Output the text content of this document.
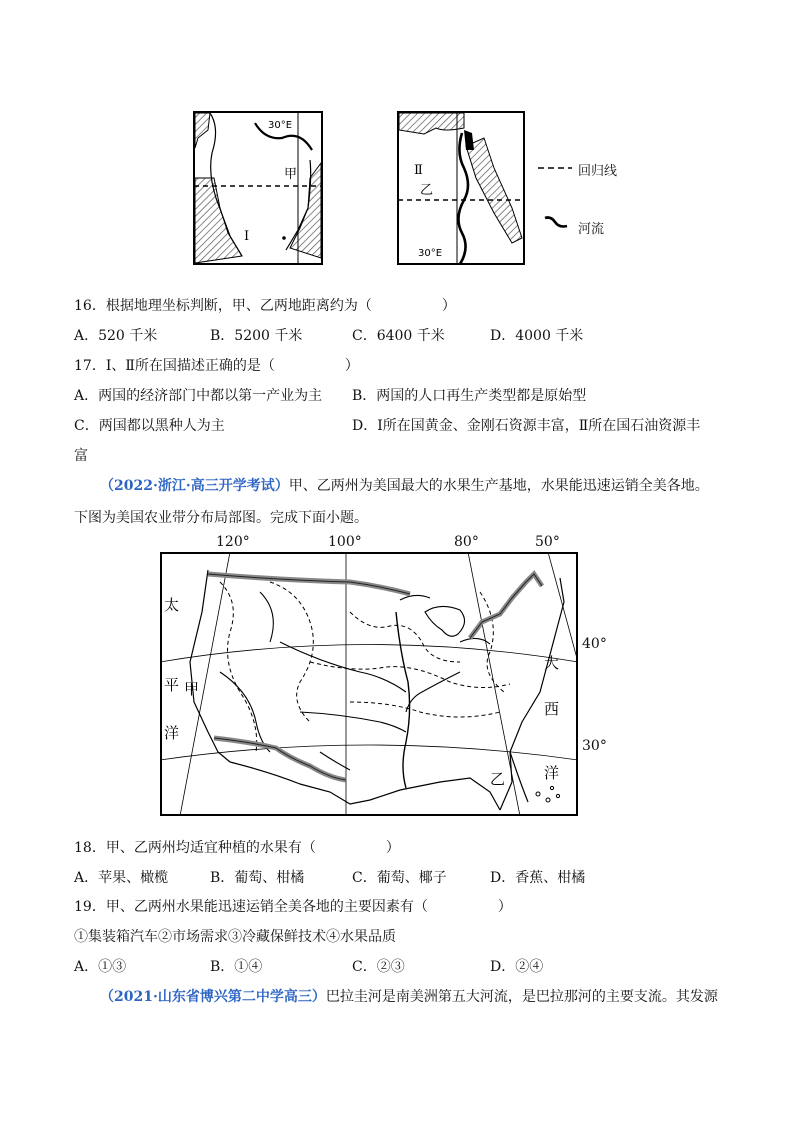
30°E
甲
Ⅰ
Ⅱ
乙
30°E
回归线
河流
16．根据地理坐标判断，甲、乙两地距离约为（　　　　　）
A．520 千米	B．5200 千米	C．6400 千米	D．4000 千米
17．Ⅰ、Ⅱ所在国描述正确的是（　　　　　）
A．两国的经济部门中都以第一产业为主 B．两国的人口再生产类型都是原始型
C．两国都以黑种人为主	D．Ⅰ所在国黄金、金刚石资源丰富，Ⅱ所在国石油资源丰
富
（2022·浙江·高三开学考试）甲、乙两州为美国最大的水果生产基地，水果能迅速运销全美各地。
下图为美国农业带分布局部图。完成下面小题。
120°	100°	80°	50°
40°
30°
太
平
洋
甲
大
西
洋
乙
18．甲、乙两州均适宜种植的水果有（　　　　　）
A．苹果、橄榄	B．葡萄、柑橘	C．葡萄、椰子	D．香蕉、柑橘
19．甲、乙两州水果能迅速运销全美各地的主要因素有（　　　　　）
①集装箱汽车②市场需求③冷藏保鲜技术④水果品质
A．①③	B．①④	C．②③	D．②④
（2021·山东省博兴第二中学高三）巴拉圭河是南美洲第五大河流，是巴拉那河的主要支流。其发源
